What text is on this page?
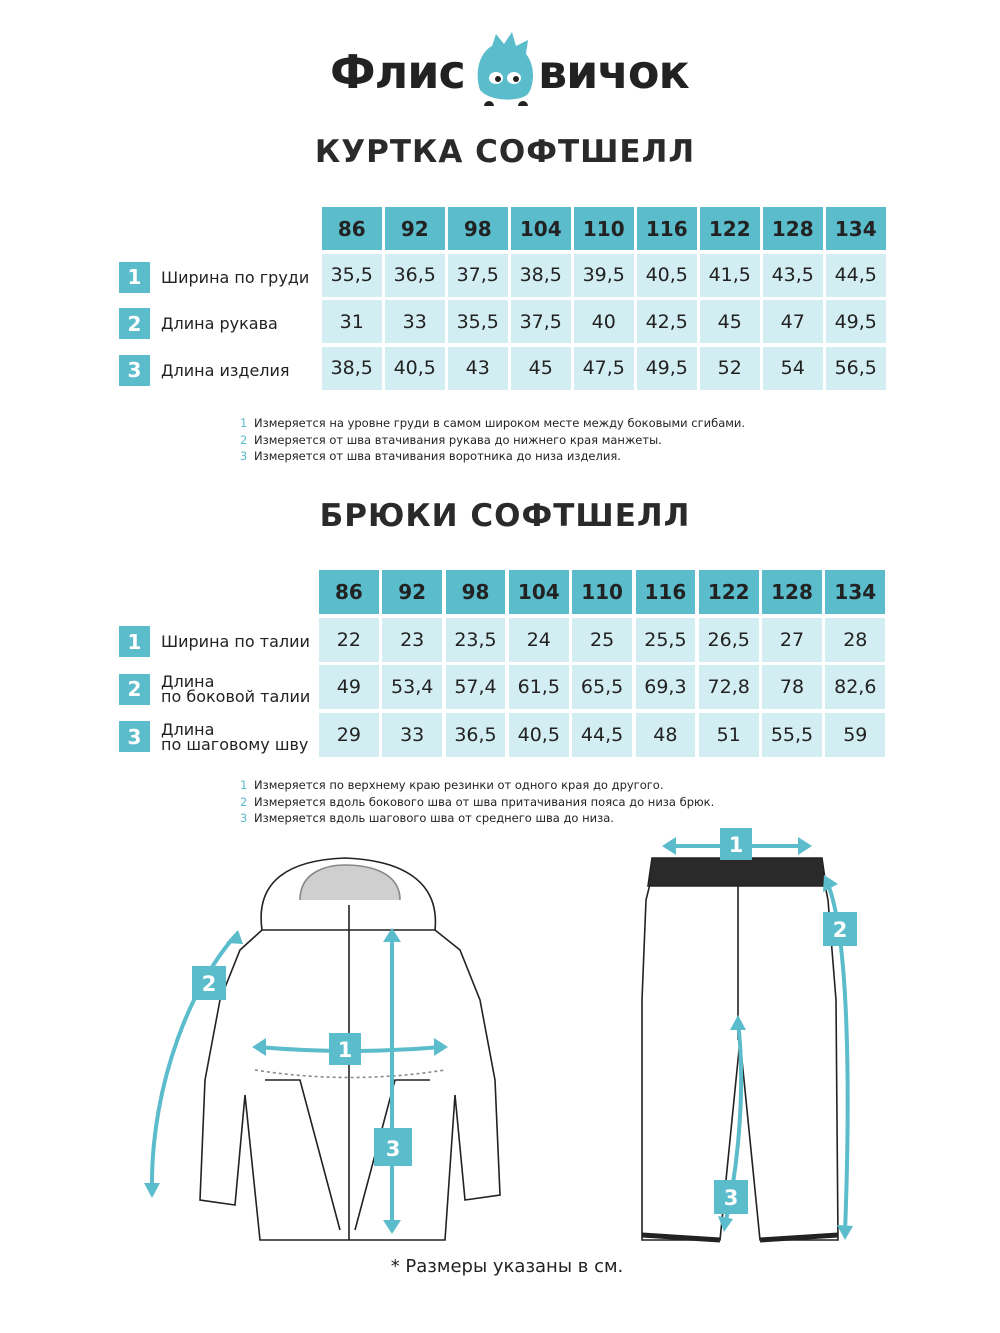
Флис вичок
КУРТКА СОФТШЕЛЛ
86	92	98	104	110	116	122	128	134
1	Ширина по груди	35,5	36,5	37,5	38,5	39,5	40,5	41,5	43,5	44,5
2	Длина рукава	31	33	35,5	37,5	40	42,5	45	47	49,5
3	Длина изделия	38,5	40,5	43	45	47,5	49,5	52	54	56,5
1 Измеряется на уровне груди в самом широком месте между боковыми сгибами.
2 Измеряется от шва втачивания рукава до нижнего края манжеты.
3 Измеряется от шва втачивания воротника до низа изделия.
БРЮКИ СОФТШЕЛЛ
86	92	98	104	110	116	122	128	134
1	Ширина по талии	22	23	23,5	24	25	25,5	26,5	27	28
2	Длина
по боковой талии	49	53,4	57,4	61,5	65,5	69,3	72,8	78	82,6
3	Длина
по шаговому шву	29	33	36,5	40,5	44,5	48	51	55,5	59
1 Измеряется по верхнему краю резинки от одного края до другого.
2 Измеряется вдоль бокового шва от шва притачивания пояса до низа брюк.
3 Измеряется вдоль шагового шва от среднего шва до низа.
1
2
3
1
2
3
* Размеры указаны в см.
